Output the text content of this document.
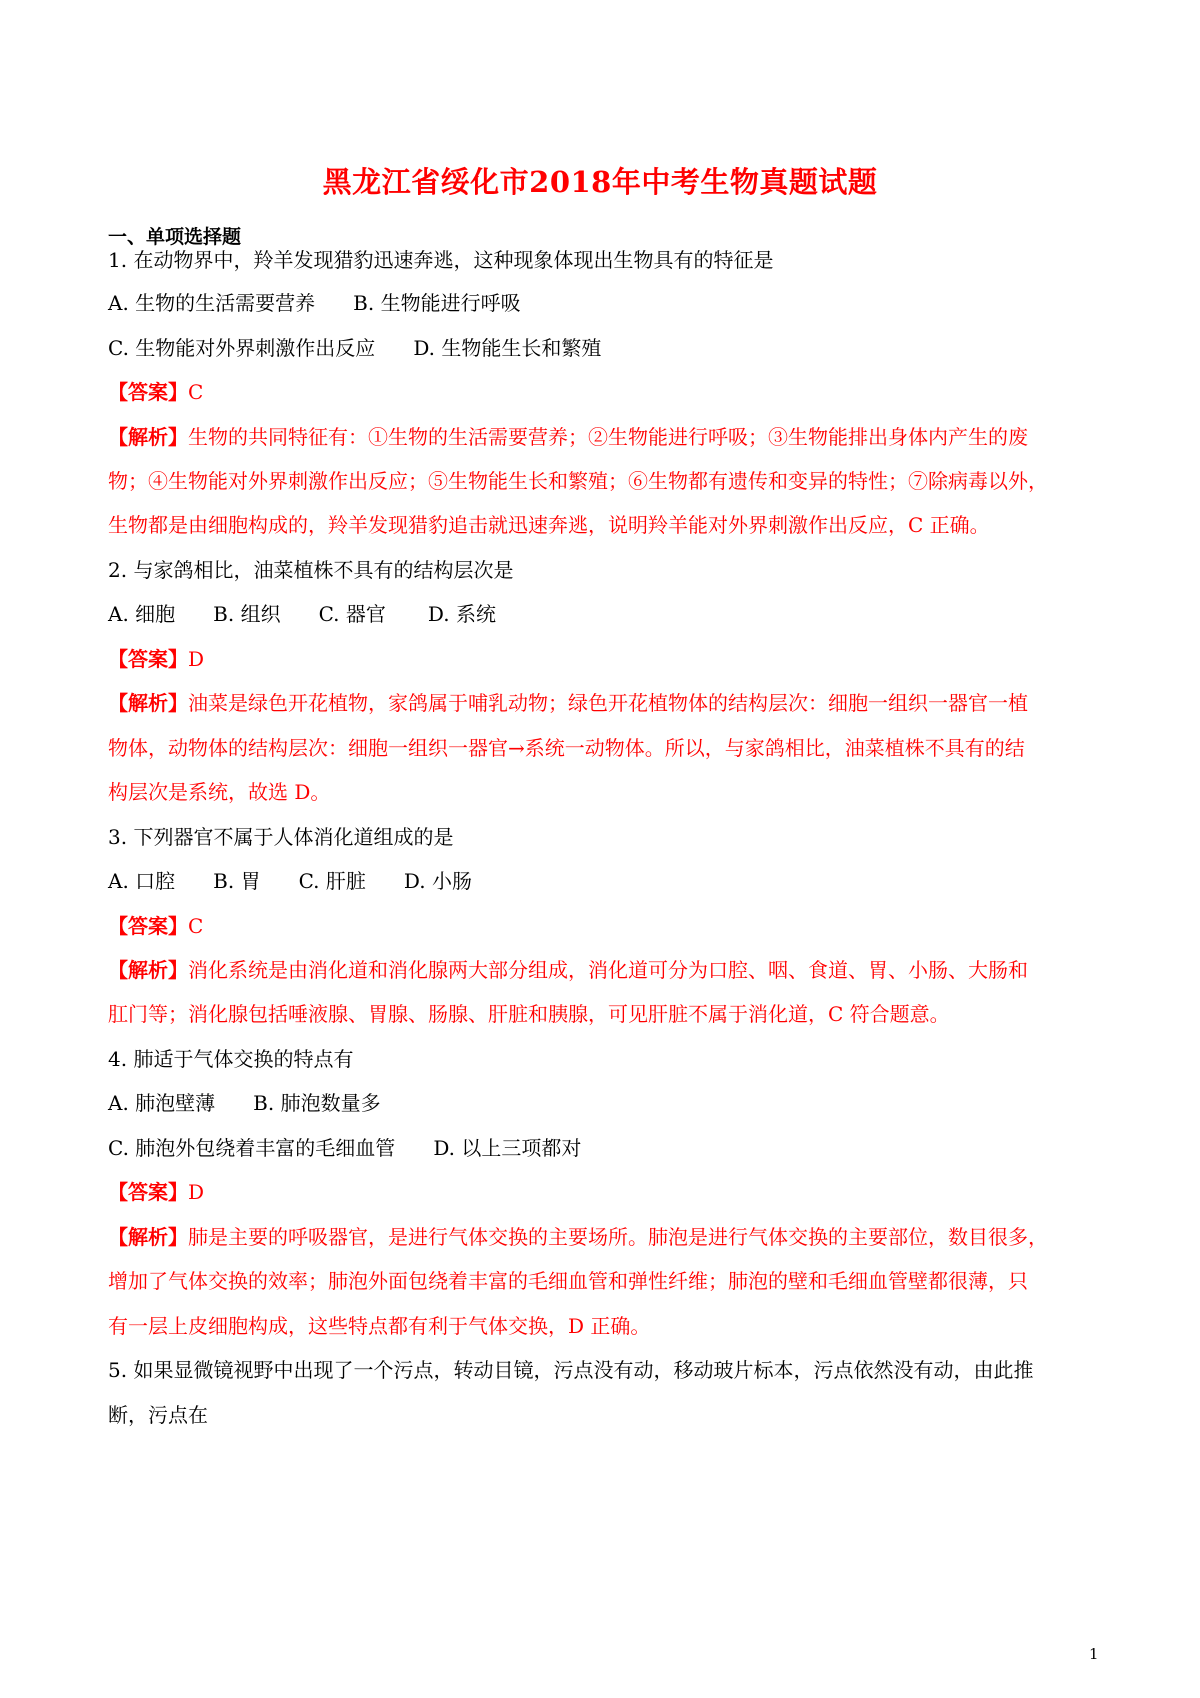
黑龙江省绥化市2018年中考生物真题试题
一、单项选择题
1. 在动物界中，羚羊发现猎豹迅速奔逃，这种现象体现出生物具有的特征是
A. 生物的生活需要营养 B. 生物能进行呼吸
C. 生物能对外界刺激作出反应 D. 生物能生长和繁殖
【答案】C
【解析】生物的共同特征有：①生物的生活需要营养；②生物能进行呼吸；③生物能排出身体内产生的废
物；④生物能对外界刺激作出反应；⑤生物能生长和繁殖；⑥生物都有遗传和变异的特性；⑦除病毒以外，
生物都是由细胞构成的，羚羊发现猎豹追击就迅速奔逃，说明羚羊能对外界刺激作出反应，C 正确。
2. 与家鸽相比，油菜植株不具有的结构层次是
A. 细胞 B. 组织 C. 器官 D. 系统
【答案】D
【解析】油菜是绿色开花植物，家鸽属于哺乳动物；绿色开花植物体的结构层次：细胞一组织一器官一植
物体，动物体的结构层次：细胞一组织一器官→系统一动物体。所以，与家鸽相比，油菜植株不具有的结
构层次是系统，故选 D。
3. 下列器官不属于人体消化道组成的是
A. 口腔 B. 胃 C. 肝脏 D. 小肠
【答案】C
【解析】消化系统是由消化道和消化腺两大部分组成，消化道可分为口腔、咽、食道、胃、小肠、大肠和
肛门等；消化腺包括唾液腺、胃腺、肠腺、肝脏和胰腺，可见肝脏不属于消化道，C 符合题意。
4. 肺适于气体交换的特点有
A. 肺泡壁薄 B. 肺泡数量多
C. 肺泡外包绕着丰富的毛细血管 D. 以上三项都对
【答案】D
【解析】肺是主要的呼吸器官，是进行气体交换的主要场所。肺泡是进行气体交换的主要部位，数目很多，
增加了气体交换的效率；肺泡外面包绕着丰富的毛细血管和弹性纤维；肺泡的壁和毛细血管壁都很薄，只
有一层上皮细胞构成，这些特点都有利于气体交换，D 正确。
5. 如果显微镜视野中出现了一个污点，转动目镜，污点没有动，移动玻片标本，污点依然没有动，由此推
断，污点在
1
